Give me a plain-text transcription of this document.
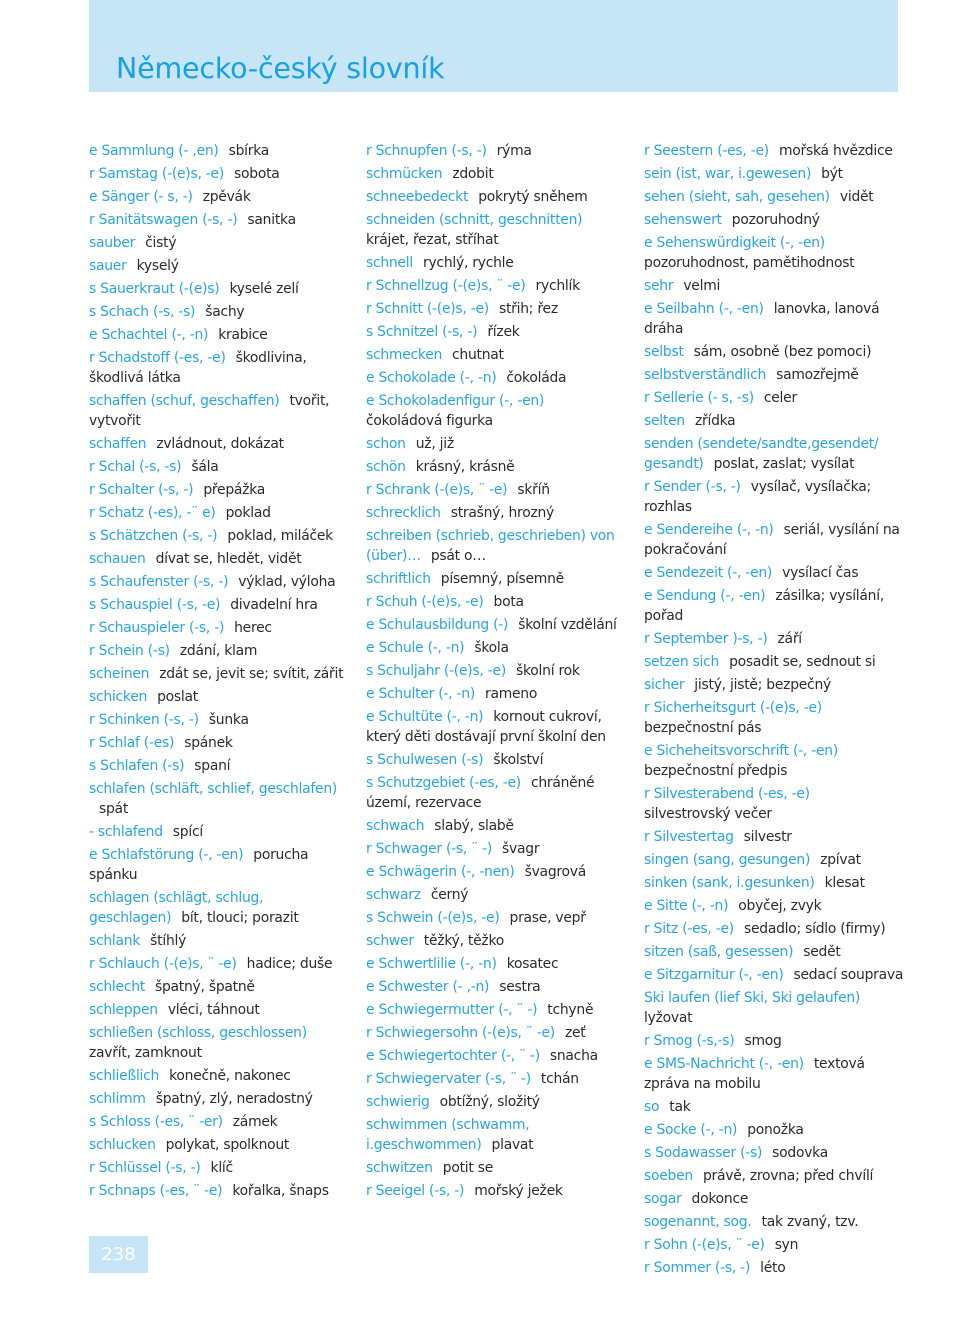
Německo-český slovník
e Sammlung (- ,en) sbírka
r Samstag (-(e)s, -e) sobota
e Sänger (- s, -) zpěvák
r Sanitätswagen (-s, -) sanitka
sauber čistý
sauer kyselý
s Sauerkraut (-(e)s) kyselé zelí
s Schach (-s, -s) šachy
e Schachtel (-, -n) krabice
r Schadstoff (-es, -e) škodlivina, škodlivá látka
schaffen (schuf, geschaffen) tvořit, vytvořit
schaffen zvládnout, dokázat
r Schal (-s, -s) šála
r Schalter (-s, -) přepážka
r Schatz (-es), -¨ e) poklad
s Schätzchen (-s, -) poklad, miláček
schauen dívat se, hledět, vidět
s Schaufenster (-s, -) výklad, výloha
s Schauspiel (-s, -e) divadelní hra
r Schauspieler (-s, -) herec
r Schein (-s) zdání, klam
scheinen zdát se, jevit se; svítit, zářit
schicken poslat
r Schinken (-s, -) šunka
r Schlaf (-es) spánek
s Schlafen (-s) spaní
schlafen (schläft, schlief, geschlafen)spát
- schlafend spící
e Schlafstörung (-, -en) porucha spánku
schlagen (schlägt, schlug, geschlagen) bít, tlouci; porazit
schlank štíhlý
r Schlauch (-(e)s, ¨ -e) hadice; duše
schlecht špatný, špatně
schleppen vléci, táhnout
schließen (schloss, geschlossen)zavřít, zamknout
schließlich konečně, nakonec
schlimm špatný, zlý, neradostný
s Schloss (-es, ¨ -er) zámek
schlucken polykat, spolknout
r Schlüssel (-s, -) klíč
r Schnaps (-es, ¨ -e) kořalka, šnaps
r Schnupfen (-s, -) rýma
schmücken zdobit
schneebedeckt pokrytý sněhem
schneiden (schnitt, geschnitten)krájet, řezat, stříhat
schnell rychlý, rychle
r Schnellzug (-(e)s, ¨ -e) rychlík
r Schnitt (-(e)s, -e) střih; řez
s Schnitzel (-s, -) řízek
schmecken chutnat
e Schokolade (-, -n) čokoláda
e Schokoladenfigur (-, -en)čokoládová figurka
schon už, již
schön krásný, krásně
r Schrank (-(e)s, ¨ -e) skříň
schrecklich strašný, hrozný
schreiben (schrieb, geschrieben) von (über)… psát o…
schriftlich písemný, písemně
r Schuh (-(e)s, -e) bota
e Schulausbildung (-) školní vzdělání
e Schule (-, -n) škola
s Schuljahr (-(e)s, -e) školní rok
e Schulter (-, -n) rameno
e Schultüte (-, -n) kornout cukroví, který děti dostávají první školní den
s Schulwesen (-s) školství
s Schutzgebiet (-es, -e) chráněné území, rezervace
schwach slabý, slabě
r Schwager (-s, ¨ -) švagr
e Schwägerin (-, -nen) švagrová
schwarz černý
s Schwein (-(e)s, -e) prase, vepř
schwer těžký, těžko
e Schwertlilie (-, -n) kosatec
e Schwester (- ,-n) sestra
e Schwiegermutter (-, ¨ -) tchyně
r Schwiegersohn (-(e)s, ¨ -e) zeť
e Schwiegertochter (-, ¨ -) snacha
r Schwiegervater (-s, ¨ -) tchán
schwierig obtížný, složitý
schwimmen (schwamm, i.geschwommen) plavat
schwitzen potit se
r Seeigel (-s, -) mořský ježek
r Seestern (-es, -e) mořská hvězdice
sein (ist, war, i.gewesen) být
sehen (sieht, sah, gesehen) vidět
sehenswert pozoruhodný
e Sehenswürdigkeit (-, -en)pozoruhodnost, pamětihodnost
sehr velmi
e Seilbahn (-, -en) lanovka, lanová dráha
selbst sám, osobně (bez pomoci)
selbstverständlich samozřejmě
r Sellerie (- s, -s) celer
selten zřídka
senden (sendete/sandte,gesendet/ gesandt) poslat, zaslat; vysílat
r Sender (-s, -) vysílač, vysílačka; rozhlas
e Sendereihe (-, -n) seriál, vysílání na pokračování
e Sendezeit (-, -en) vysílací čas
e Sendung (-, -en) zásilka; vysílání, pořad
r September )-s, -) září
setzen sich posadit se, sednout si
sicher jistý, jistě; bezpečný
r Sicherheitsgurt (-(e)s, -e)bezpečnostní pás
e Sicheheitsvorschrift (-, -en)bezpečnostní předpis
r Silvesterabend (-es, -e)silvestrovský večer
r Silvestertag silvestr
singen (sang, gesungen) zpívat
sinken (sank, i.gesunken) klesat
e Sitte (-, -n) obyčej, zvyk
r Sitz (-es, -e) sedadlo; sídlo (firmy)
sitzen (saß, gesessen) sedět
e Sitzgarnitur (-, -en) sedací souprava
Ski laufen (lief Ski, Ski gelaufen)lyžovat
r Smog (-s,-s) smog
e SMS-Nachricht (-, -en) textová zpráva na mobilu
so tak
e Socke (-, -n) ponožka
s Sodawasser (-s) sodovka
soeben právě, zrovna; před chvílí
sogar dokonce
sogenannt, sog. tak zvaný, tzv.
r Sohn (-(e)s, ¨ -e) syn
r Sommer (-s, -) léto
238
